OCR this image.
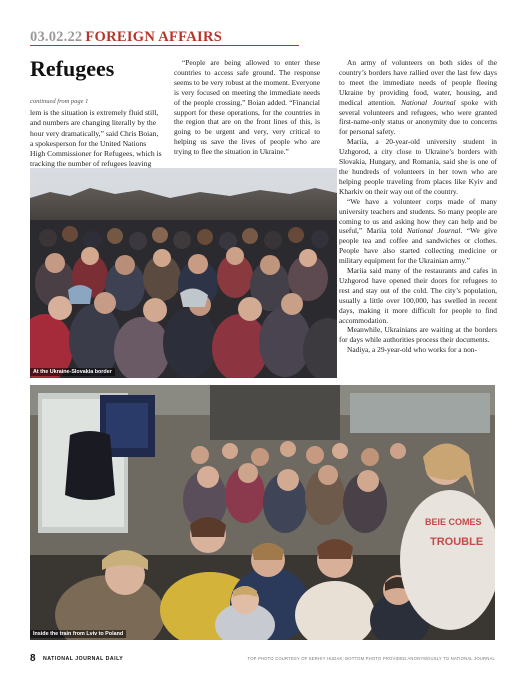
03.02.22 FOREIGN AFFAIRS
Refugees
continued from page 1

lem is the situation is extremely fluid still, and numbers are changing literally by the hour very dramatically,” said Chris Boian, a spokesperson for the United Nations High Commissioner for Refugees, which is tracking the number of refugees leaving

“People are being allowed to enter these countries to access safe ground. The response seems to be very robust at the moment. Everyone is very focused on meeting the immediate needs of the people crossing,” Boian added. “Financial support for these operations, for the countries in the region that are on the front lines of this, is going to be urgent and very, very critical to helping us save the lives of people who are trying to flee the situation in Ukraine.”

An army of volunteers on both sides of the country’s borders have rallied over the last few days to meet the immediate needs of people fleeing Ukraine by providing food, water, housing, and medical attention. National Journal spoke with several volunteers and refugees, who were granted first-name-only status or anonymity due to concerns for personal safety.

Mariia, a 20-year-old university student in Uzhgorod, a city close to Ukraine’s borders with Slovakia, Hungary, and Romania, said she is one of the hundreds of volunteers in her town who are helping people traveling from places like Kyiv and Kharkiv on their way out of the country.

“We have a volunteer corps made of many university teachers and students. So many people are coming to us and asking how they can help and be useful,” Mariia told National Journal. “We give people tea and coffee and sandwiches or clothes. People have also started collecting medicine or military equipment for the Ukrainian army.”

Mariia said many of the restaurants and cafes in Uzhgorod have opened their doors for refugees to rest and stay out of the cold. The city’s population, usually a little over 100,000, has swelled in recent days, making it more difficult for people to find accommodation.

Meanwhile, Ukrainians are waiting at the borders for days while authorities process their documents.

Nadiya, a 29-year-old who works for a non-

At the Ukraine-Slovakia border
BEIE COMES
TROUBLE
Inside the train from Lviv to Poland
8 NATIONAL JOURNAL DAILY	TOP PHOTO COURTESY OF SERHIY HUDAK; BOTTOM PHOTO PROVIDED ANONYMOUSLY TO NATIONAL JOURNAL
